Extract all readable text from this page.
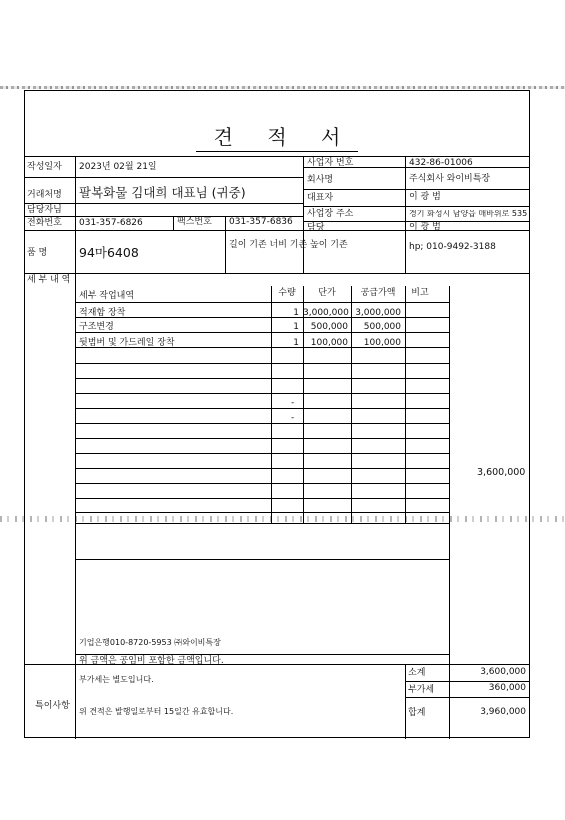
견 적 서
작성일자 2023년 02월 21일
거래처명 팔복화물 김대희 대표님 (귀중)
담당자님
전화번호 031-357-6826	팩스번호 031-357-6836
품 명	94마6408	길이 기존 너비 기존 높이 기존
세 부 내 역
사업자 번호	432-86-01006
회사명	주식회사 와이비특장
대표자	이 광 범
사업장 주소	경기 화성시 남양읍 매바위로 535
담당	이 광 범
hp; 010-9492-3188
세부 작업내역	수량	단가	공급가액	비고
적재함 장착	1 3,000,000 3,000,000
구조변경	1	500,000	500,000
뒷범버 및 가드레일 장착	1	100,000	100,000
-
-
3,600,000
기업은행010-8720-5953 ㈜와이비특장
위 금액은 공임비 포함한 금액입니다.
부가세는 별도입니다.
위 견적은 발행일로부터 15일간 유효합니다.
특이사항
소계	3,600,000
부가세	360,000
합계	3,960,000
